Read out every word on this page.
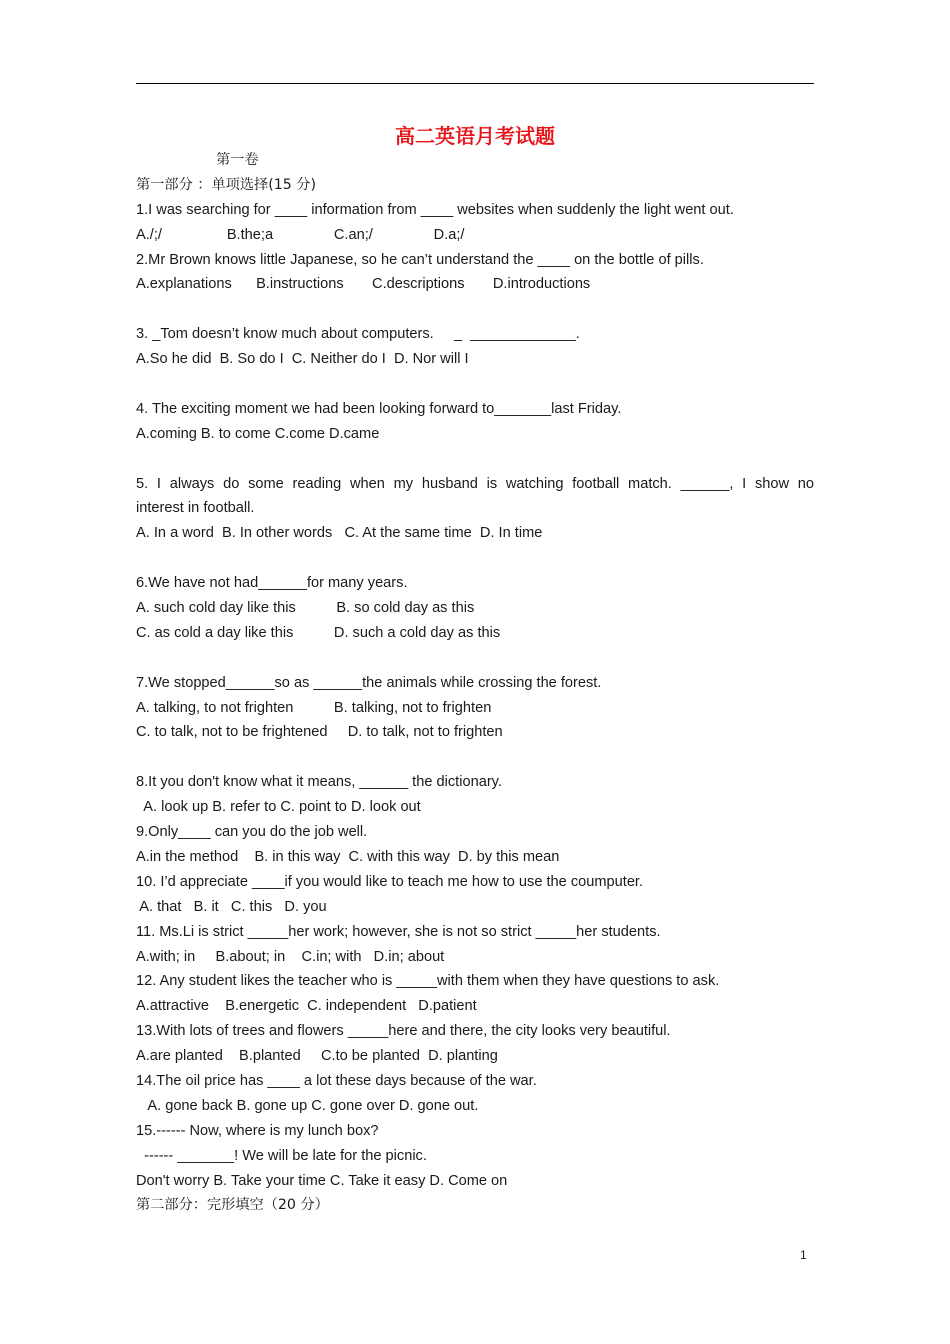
高二英语月考试题
第一卷
第一部分 ：单项选择(15 分)
1.I was searching for ____ information from ____ websites when suddenly the light went out.
A./;/                B.the;a               C.an;/               D.a;/
2.Mr Brown knows little Japanese, so he can’t understand the ____ on the bottle of pills.
A.explanations      B.instructions       C.descriptions       D.introductions
3. _Tom doesn’t know much about computers.     _  _____________.
A.So he did  B. So do I  C. Neither do I  D. Nor will I
4. The exciting moment we had been looking forward to_______last Friday.
A.coming B. to come C.come D.came
5. I always do some reading when my husband is watching football match. ______, I show no
interest in football.
A. In a word  B. In other words   C. At the same time  D. In time
6.We have not had______for many years.
A. such cold day like this          B. so cold day as this
C. as cold a day like this          D. such a cold day as this
7.We stopped______so as ______the animals while crossing the forest.
A. talking, to not frighten          B. talking, not to frighten
C. to talk, not to be frightened     D. to talk, not to frighten
8.It you don't know what it means, ______ the dictionary.
A. look up B. refer to C. point to D. look out
9.Only____ can you do the job well.
A.in the method    B. in this way  C. with this way  D. by this mean
10. I’d appreciate ____if you would like to teach me how to use the coumputer.
A. that   B. it   C. this   D. you
11. Ms.Li is strict _____her work; however, she is not so strict _____her students.
A.with; in     B.about; in    C.in; with   D.in; about
12. Any student likes the teacher who is _____with them when they have questions to ask.
A.attractive    B.energetic  C. independent   D.patient
13.With lots of trees and flowers _____here and there, the city looks very beautiful.
A.are planted    B.planted     C.to be planted  D. planting
14.The oil price has ____ a lot these days because of the war.
A. gone back B. gone up C. gone over D. gone out.
15.------ Now, where is my lunch box?
------ _______! We will be late for the picnic.
Don't worry B. Take your time C. Take it easy D. Come on
第二部分：完形填空（20 分）
1
